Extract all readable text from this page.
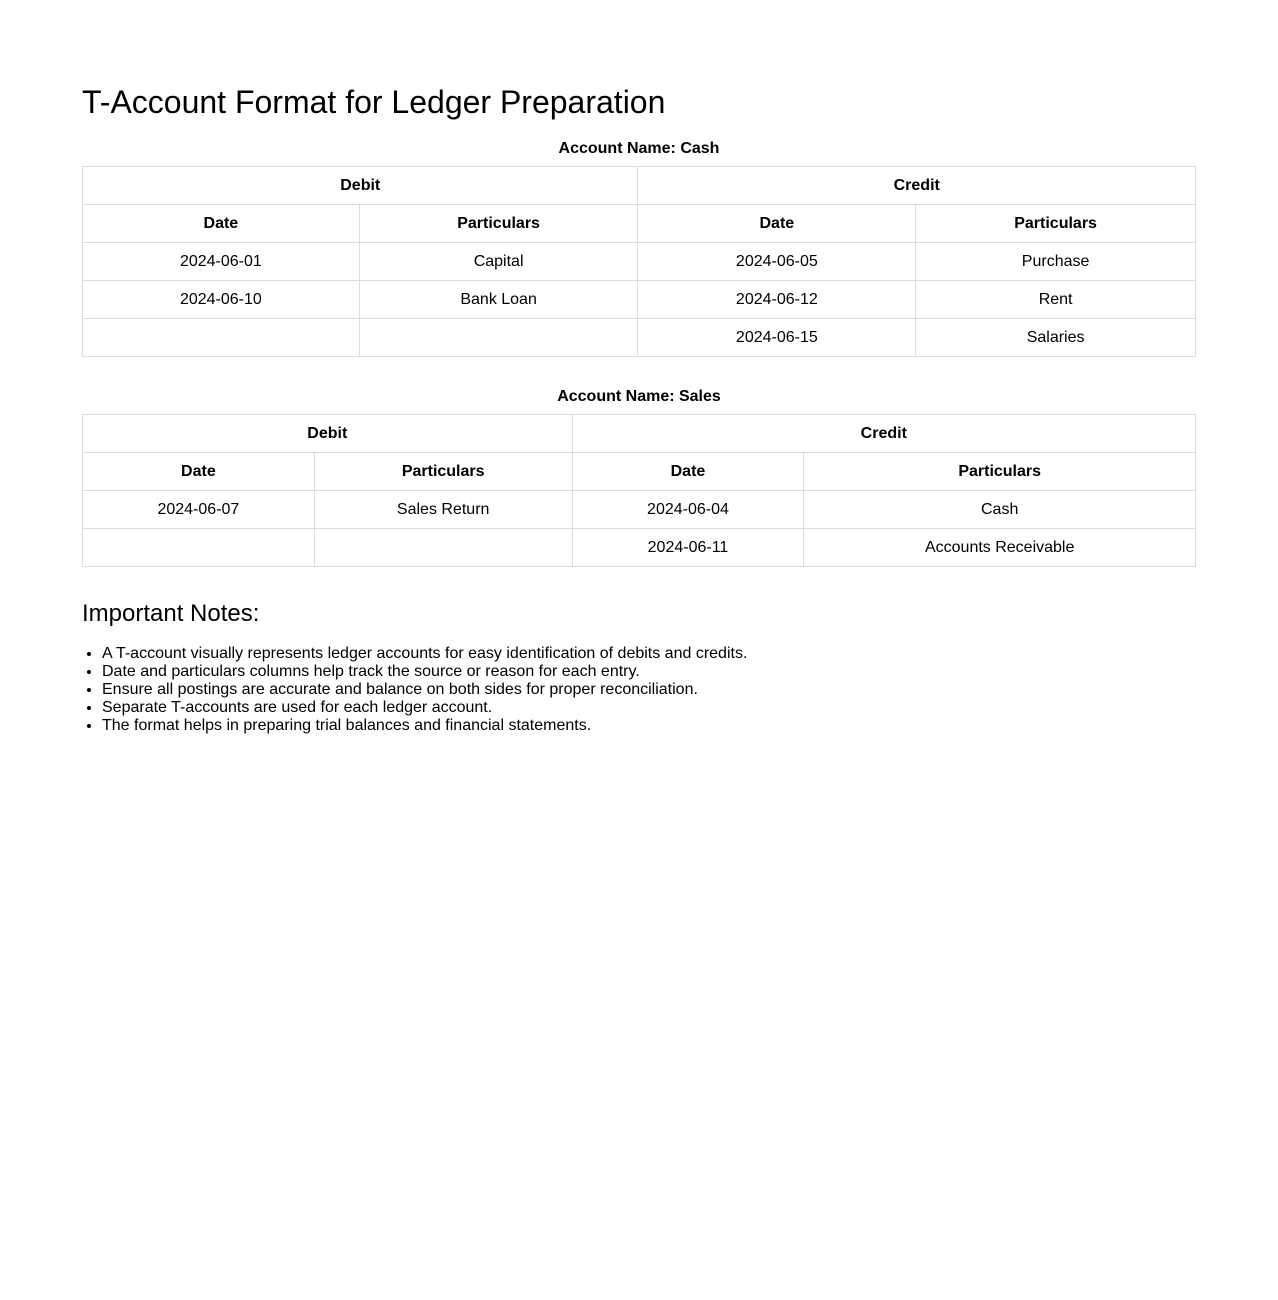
T-Account Format for Ledger Preparation
Account Name: Cash
Debit		Credit	
Date	Particulars	Date	Particulars
2024-06-01	Capital	2024-06-05	Purchase
2024-06-10	Bank Loan	2024-06-12	Rent
		2024-06-15	Salaries
Account Name: Sales
Debit		Credit	
Date	Particulars	Date	Particulars
2024-06-07	Sales Return	2024-06-04	Cash
		2024-06-11	Accounts Receivable
Important Notes:
• A T-account visually represents ledger accounts for easy identification of debits and credits.
• Date and particulars columns help track the source or reason for each entry.
• Ensure all postings are accurate and balance on both sides for proper reconciliation.
• Separate T-accounts are used for each ledger account.
• The format helps in preparing trial balances and financial statements.
